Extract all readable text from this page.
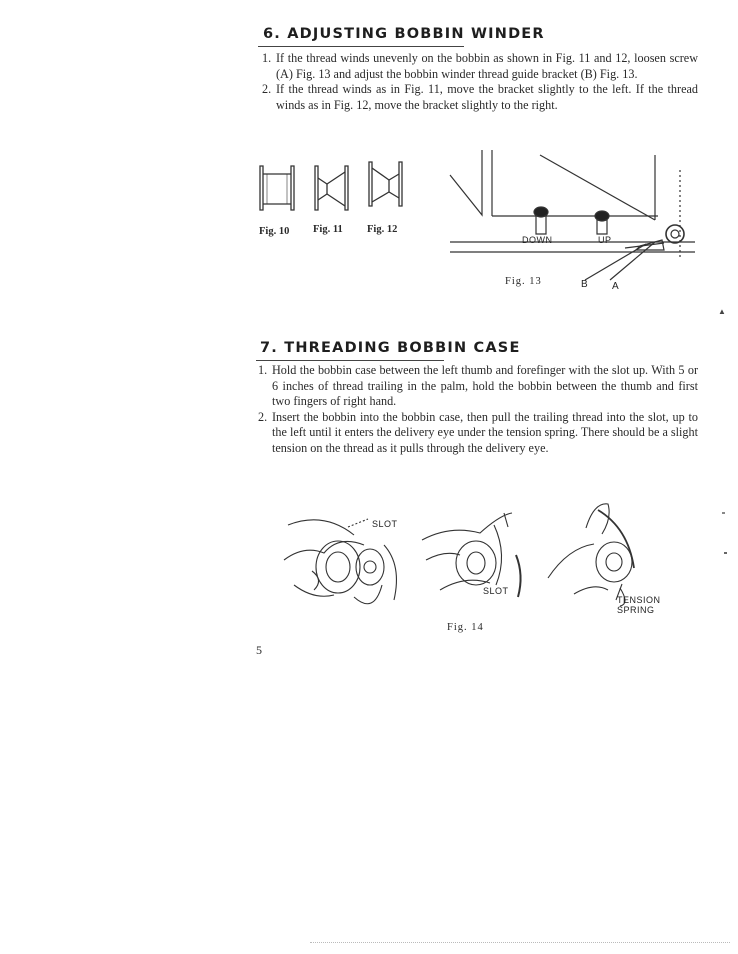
6. ADJUSTING BOBBIN WINDER
1. If the thread winds unevenly on the bobbin as shown in Fig. 11 and 12, loosen screw (A) Fig. 13 and adjust the bobbin winder thread guide bracket (B) Fig. 13.
2. If the thread winds as in Fig. 11, move the bracket slightly to the left. If the thread winds as in Fig. 12, move the bracket slightly to the right.
Fig. 10 Fig. 11 Fig. 12
DOWN	UP
Fig. 13	B A
7. THREADING BOBBIN CASE
1. Hold the bobbin case between the left thumb and forefinger with the slot up. With 5 or 6 inches of thread trailing in the palm, hold the bobbin between the thumb and first two fingers of right hand.
2. Insert the bobbin into the bobbin case, then pull the trailing thread into the slot, up to the left until it enters the delivery eye under the tension spring. There should be a slight tension on the thread as it pulls through the delivery eye.
SLOT
SLOT
TENSION
SPRING
Fig. 14
▲
5
